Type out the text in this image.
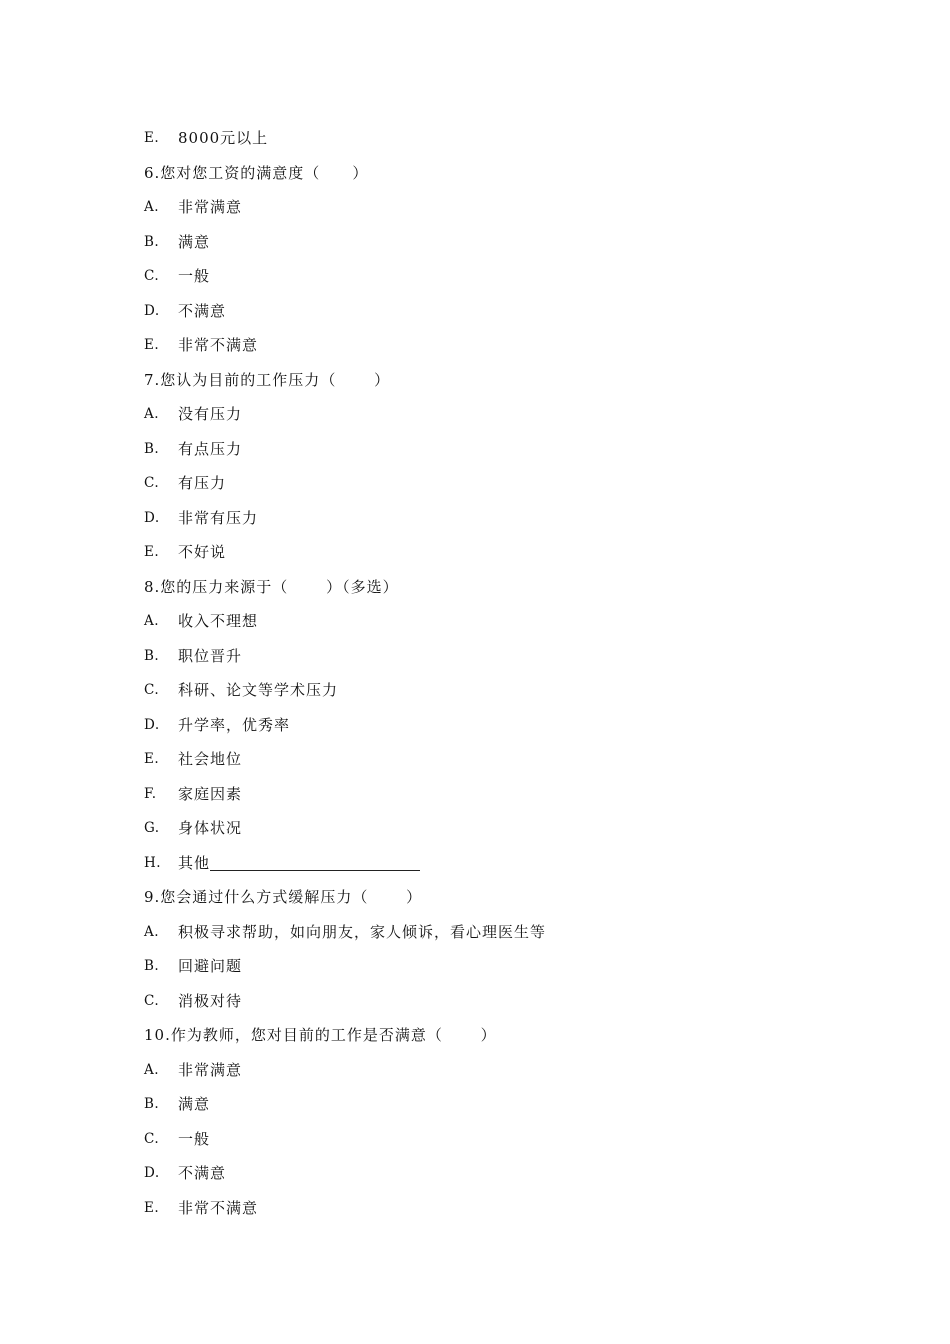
E.	8000元以上
6.您对您工资的满意度（　　）
A.	非常满意
B.	满意
C.	一般
D.	不满意
E.	非常不满意
7.您认为目前的工作压力（　　 ）
A.	没有压力
B.	有点压力
C.	有压力
D.	非常有压力
E.	不好说
8.您的压力来源于（　　 ）（多选）
A.	收入不理想
B.	职位晋升
C.	科研、论文等学术压力
D.	升学率，优秀率
E.	社会地位
F.	家庭因素
G.	身体状况
H.	其他
9.您会通过什么方式缓解压力（　　 ）
A.	积极寻求帮助，如向朋友，家人倾诉，看心理医生等
B.	回避问题
C.	消极对待
10.作为教师，您对目前的工作是否满意（　　 ）
A.	非常满意
B.	满意
C.	一般
D.	不满意
E.	非常不满意
